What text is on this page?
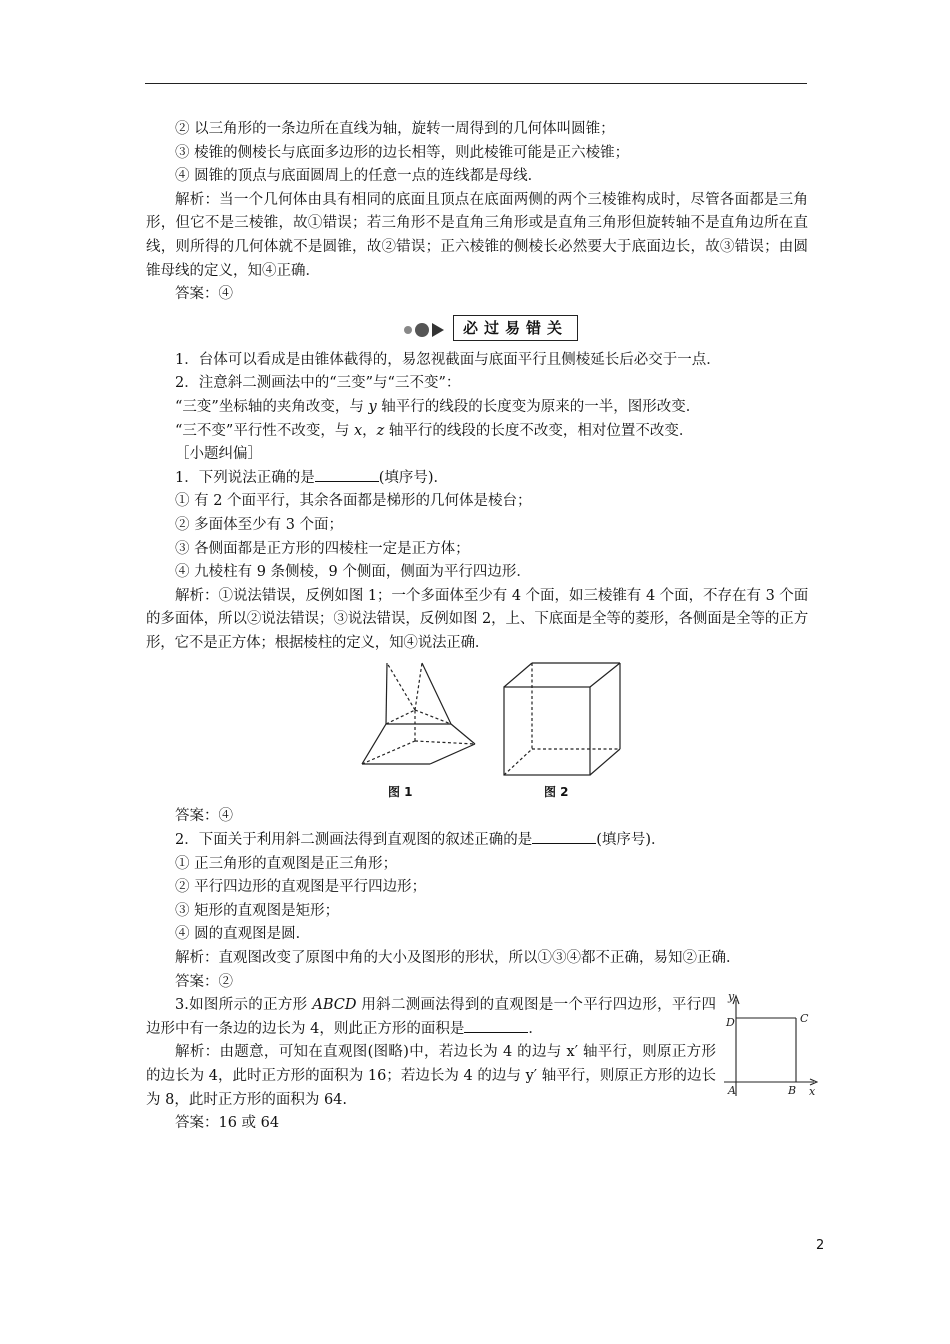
② 以三角形的一条边所在直线为轴，旋转一周得到的几何体叫圆锥；

③ 棱锥的侧棱长与底面多边形的边长相等，则此棱锥可能是正六棱锥；

④ 圆锥的顶点与底面圆周上的任意一点的连线都是母线．

解析：当一个几何体由具有相同的底面且顶点在底面两侧的两个三棱锥构成时，尽管各面都是三角形，但它不是三棱锥，故①错误；若三角形不是直角三角形或是直角三角形但旋转轴不是直角边所在直线，则所得的几何体就不是圆锥，故②错误；正六棱锥的侧棱长必然要大于底面边长，故③错误；由圆锥母线的定义，知④正确．

答案：④

必过易错关

1．台体可以看成是由锥体截得的，易忽视截面与底面平行且侧棱延长后必交于一点．

2．注意斜二测画法中的“三变”与“三不变”：

“三变”坐标轴的夹角改变，与 y 轴平行的线段的长度变为原来的一半，图形改变．

“三不变”平行性不改变，与 x，z 轴平行的线段的长度不改变，相对位置不改变．

［小题纠偏］

1．下列说法正确的是	(填序号)．

① 有 2 个面平行，其余各面都是梯形的几何体是棱台；

② 多面体至少有 3 个面；

③ 各侧面都是正方形的四棱柱一定是正方体；

④ 九棱柱有 9 条侧棱，9 个侧面，侧面为平行四边形．

解析：①说法错误，反例如图 1；一个多面体至少有 4 个面，如三棱锥有 4 个面，不存在有 3 个面的多面体，所以②说法错误；③说法错误，反例如图 2，上、下底面是全等的菱形，各侧面是全等的正方形，它不是正方体；根据棱柱的定义，知④说法正确．

图 1	图 2

答案：④

2．下面关于利用斜二测画法得到直观图的叙述正确的是	(填序号)．

① 正三角形的直观图是正三角形；

② 平行四边形的直观图是平行四边形；

③ 矩形的直观图是矩形；

④ 圆的直观图是圆．

解析：直观图改变了原图中角的大小及图形的形状，所以①③④都不正确，易知②正确．

答案：②

3.如图所示的正方形 ABCD 用斜二测画法得到的直观图是一个平行四边形，平行四边形中有一条边的边长为 4，则此正方形的面积是	．

解析：由题意，可知在直观图(图略)中，若边长为 4 的边与 x′ 轴平行，则原正方形的边长为 4，此时正方形的面积为 16；若边长为 4 的边与 y′ 轴平行，则原正方形的边长为 8，此时正方形的面积为 64.

y
D	C
A	B x

答案：16 或 64

2
